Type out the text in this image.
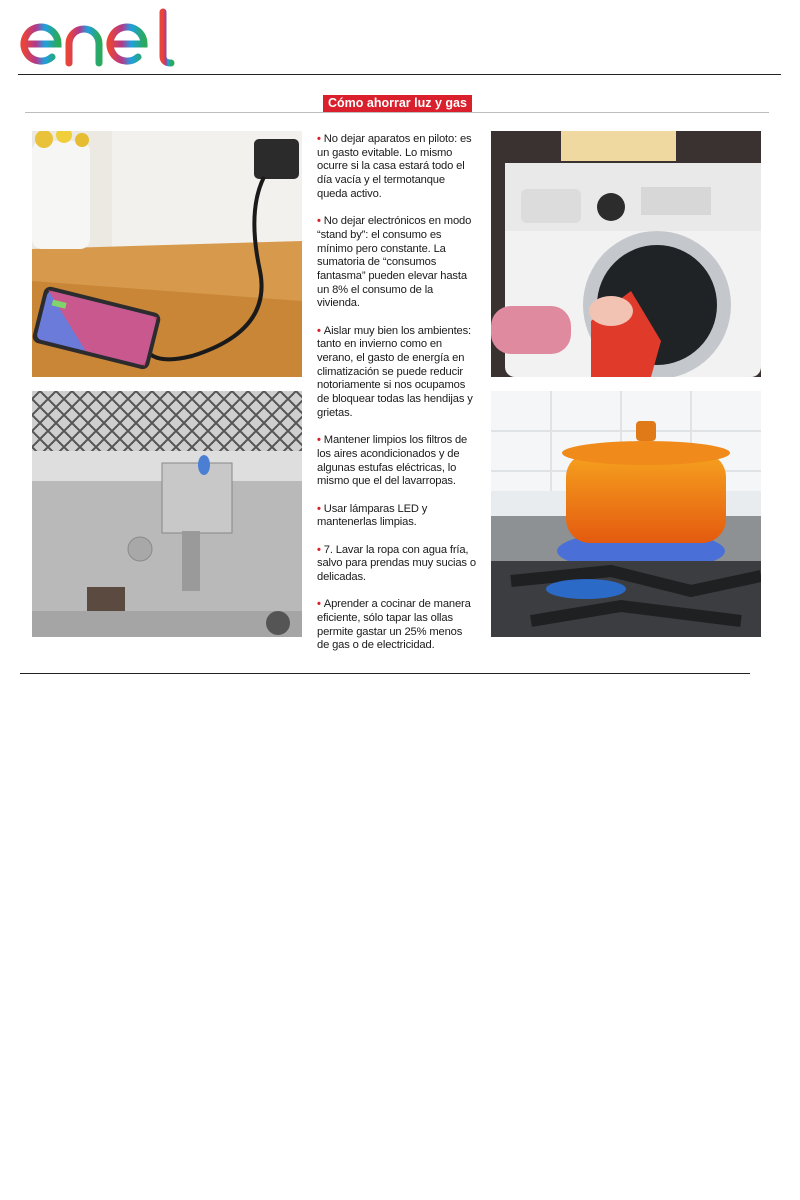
Cómo ahorrar luz y gas
• No dejar aparatos en piloto: es un gasto evitable. Lo mismo ocurre si la casa estará todo el día vacía y el termotanque queda activo.
• No dejar electrónicos en modo “stand by”: el consumo es mínimo pero constante. La sumatoria de “consumos fantasma” pueden elevar hasta un 8% el consumo de la vivienda.
• Aislar muy bien los ambientes: tanto en invierno como en verano, el gasto de energía en climatización se puede reducir notoriamente si nos ocupamos de bloquear todas las hendijas y grietas.
• Mantener limpios los filtros de los aires acondicionados y de algunas estufas eléctricas, lo mismo que el del lavarropas.
• Usar lámparas LED y mantenerlas limpias.
• 7. Lavar la ropa con agua fría, salvo para prendas muy sucias o delicadas.
• Aprender a cocinar de manera eficiente, sólo tapar las ollas permite gastar un 25% menos de gas o de electricidad.
